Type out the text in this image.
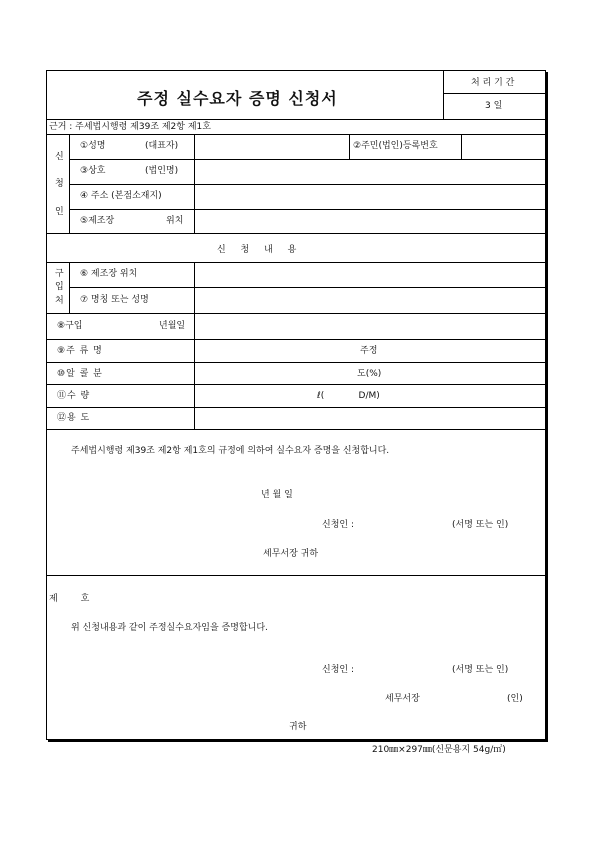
주정 실수요자 증명 신청서
처 리 기 간
3 일
근거 : 주세법시행령 제39조 제2항 제1호
신
청
인
①성명	(대표자)	②주민(법인)등록번호
③상호	(법인명)
④ 주소 (본점소재지)
⑤제조장	위치
신 청 내 용
구
입
처
⑥ 제조장 위치
⑦ 명칭 또는 성명
⑧구입	년월일
⑨주 류 명	주정
⑩알 콜 분	도(%)
⑪수 량	ℓ(            D/M)
⑫용 도
주세법시행령 제39조 제2항 제1호의 규정에 의하여 실수요자 증명을 신청합니다.
년 월 일
신청인 :	(서명 또는 인)
세무서장 귀하
제        호
위 신청내용과 같이 주정실수요자임을 증명합니다.
신청인 :	(서명 또는 인)
세무서장	(인)
귀하
210㎜×297㎜(신문용지 54g/㎡)
